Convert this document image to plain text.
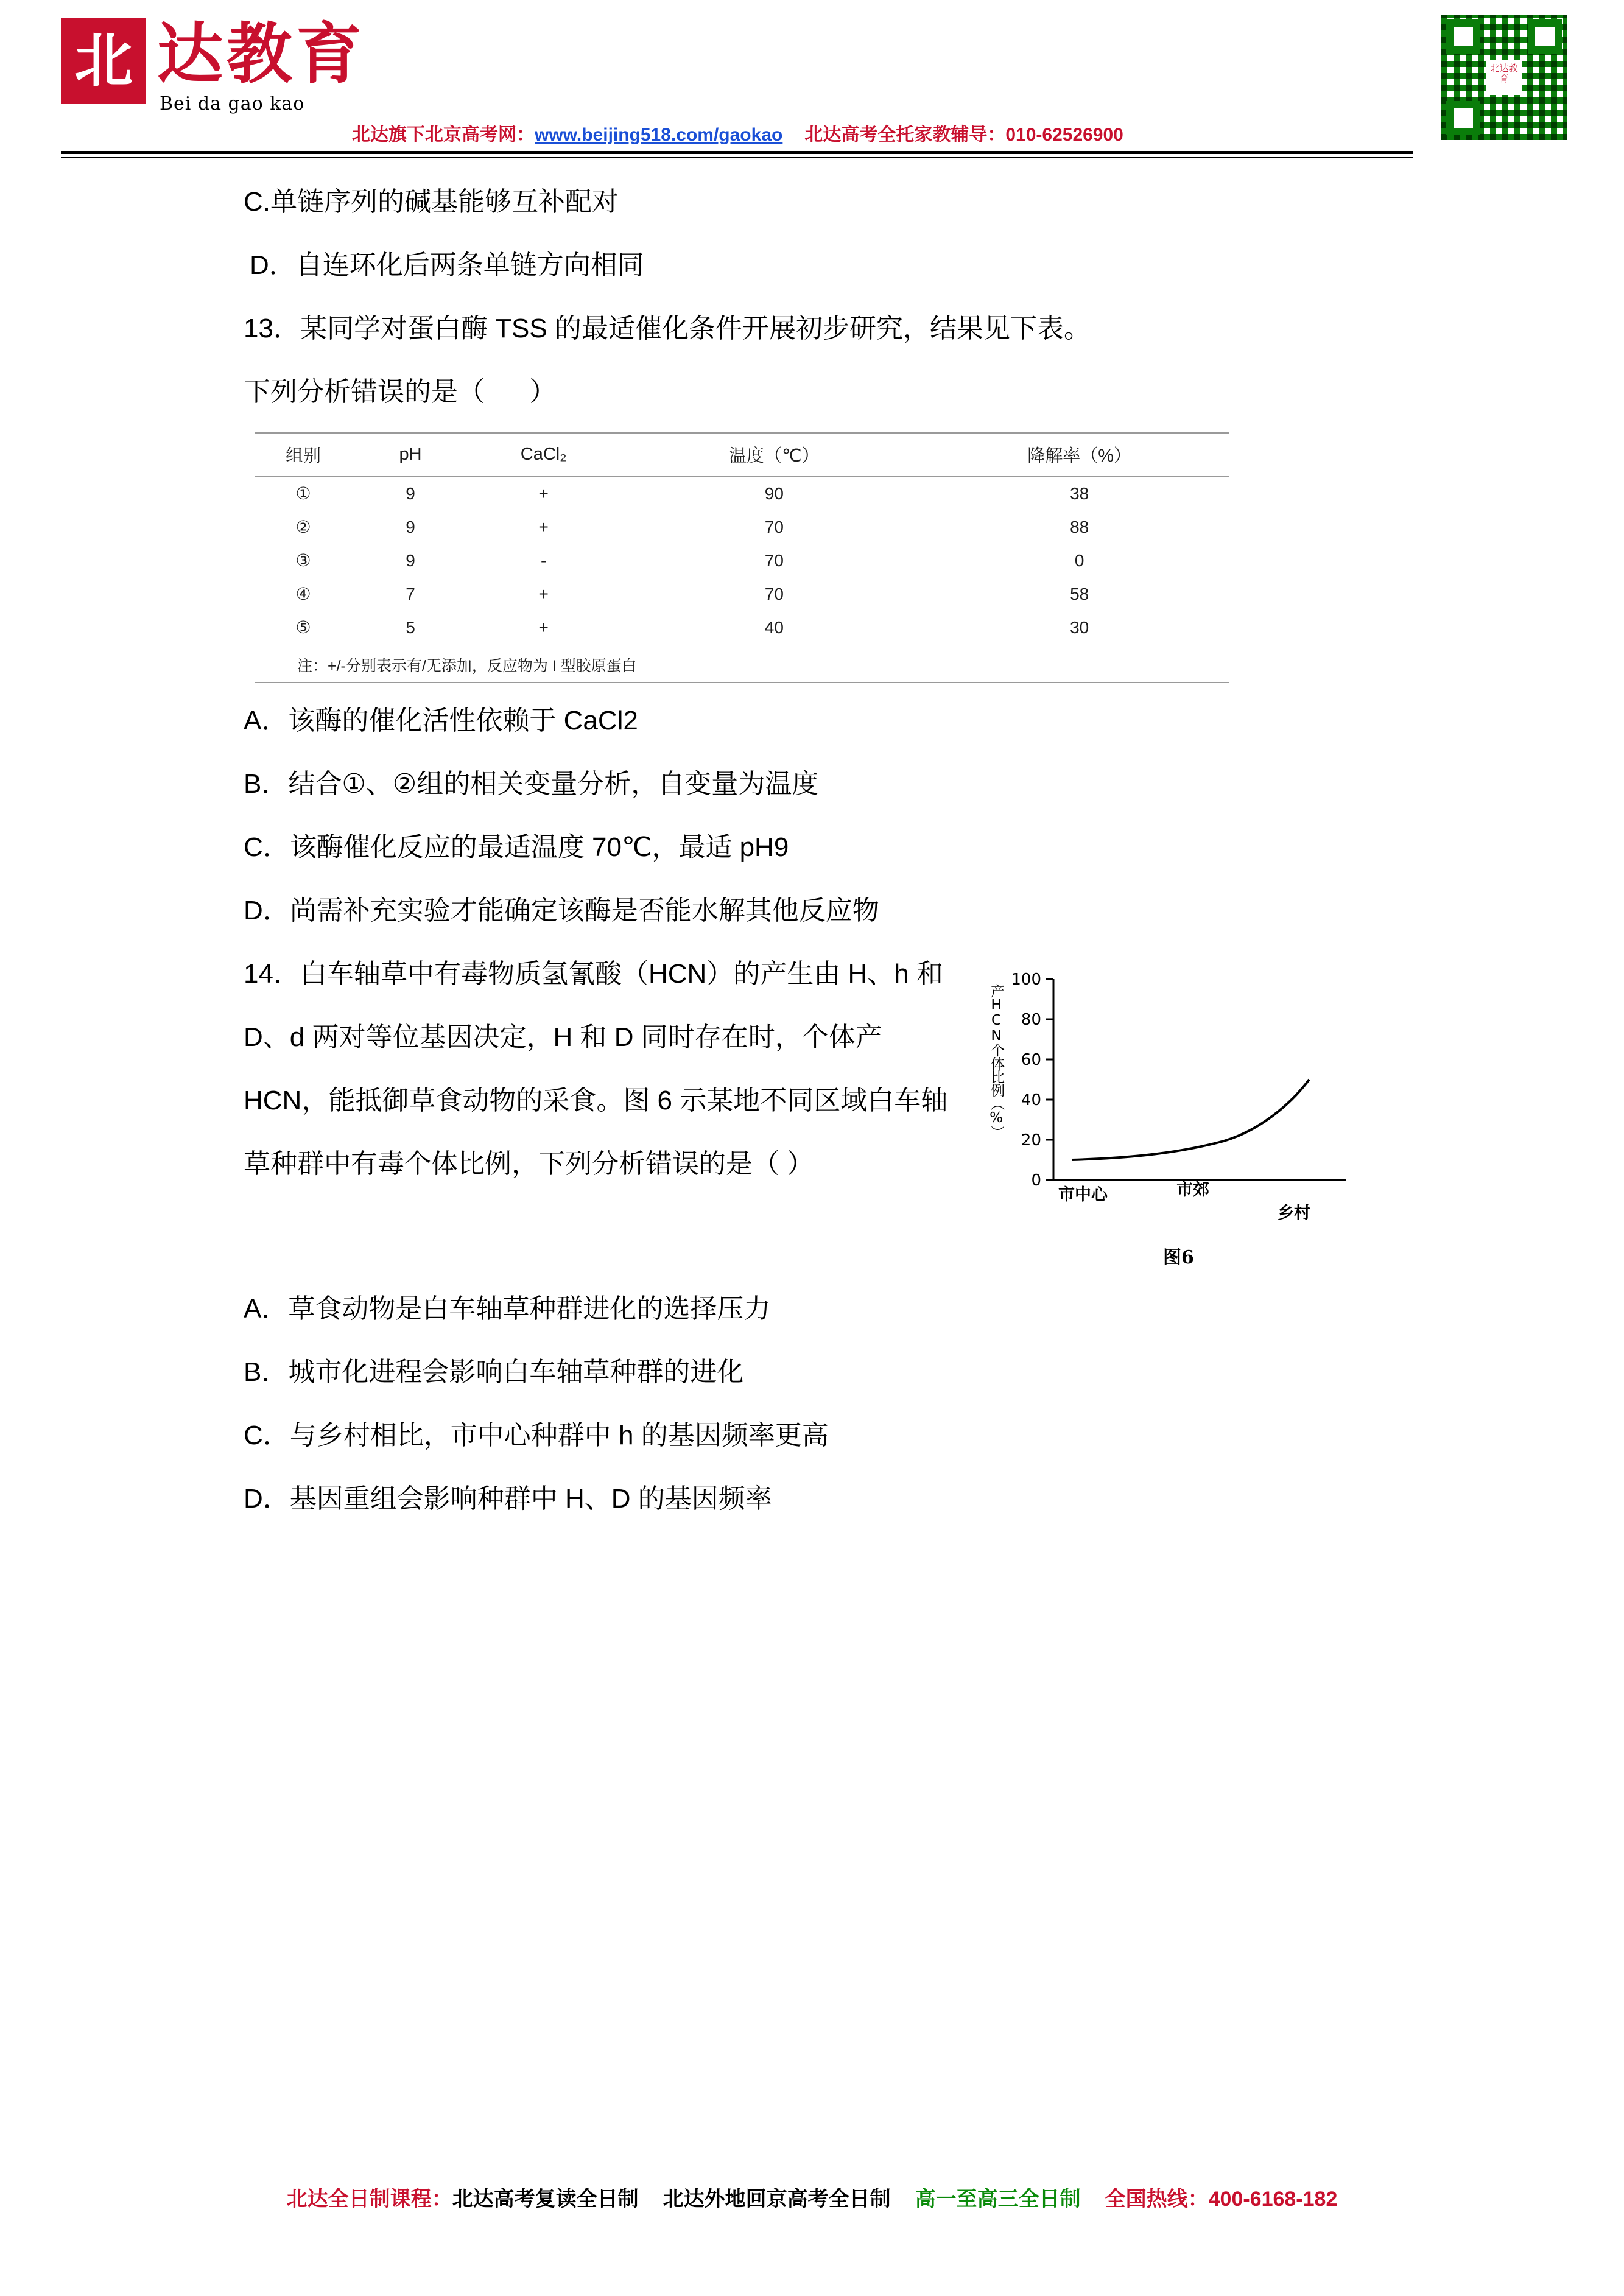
北 达教育
Bei da gao kao
北达旗下北京高考网：www.beijing518.com/gaokao 北达高考全托家教辅导：010-62526900
北达教育
C.单链序列的碱基能够互补配对
D．自连环化后两条单链方向相同
13．某同学对蛋白酶 TSS 的最适催化条件开展初步研究，结果见下表。
下列分析错误的是（      ）
组别	pH	CaCl₂	温度（℃）	降解率（%）
①	9	+	90	38
②	9	+	70	88
③	9	-	70	0
④	7	+	70	58
⑤	5	+	40	30
注：+/-分别表示有/无添加，反应物为 I 型胶原蛋白
A．该酶的催化活性依赖于 CaCl2
B．结合①、②组的相关变量分析，自变量为温度
C．该酶催化反应的最适温度 70℃，最适 pH9
D．尚需补充实验才能确定该酶是否能水解其他反应物
产HCN个体比例（%）
0
20
40
60
80
100
市中心	市郊
乡村
图6
14．白车轴草中有毒物质氢氰酸（HCN）的产生由 H、h 和 D、d 两对等位基因决定，H 和 D 同时存在时，个体产 HCN，能抵御草食动物的采食。图 6 示某地不同区域白车轴草种群中有毒个体比例，下列分析错误的是（ ）
A．草食动物是白车轴草种群进化的选择压力
B．城市化进程会影响白车轴草种群的进化
C．与乡村相比，市中心种群中 h 的基因频率更高
D．基因重组会影响种群中 H、D 的基因频率
北达全日制课程：北达高考复读全日制 北达外地回京高考全日制 高一至高三全日制 全国热线：400-6168-182
